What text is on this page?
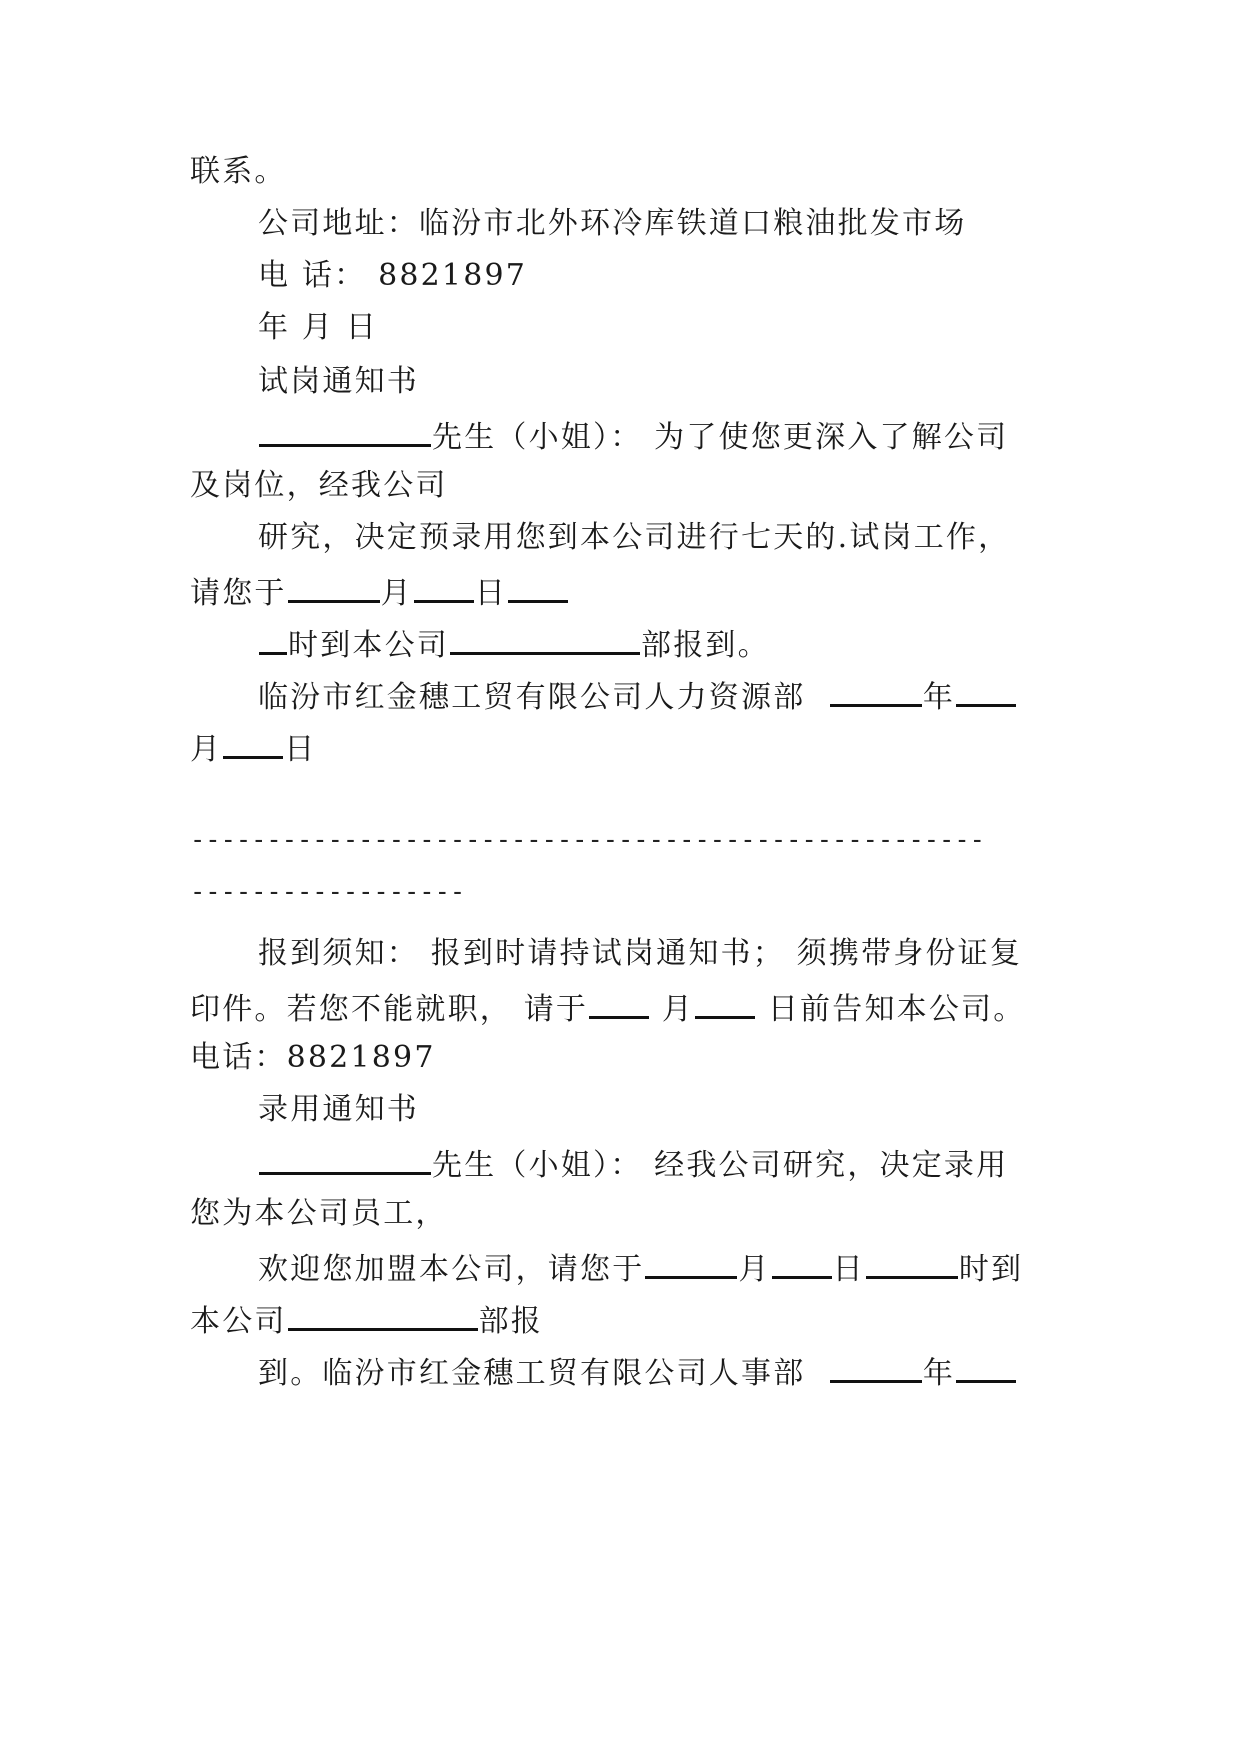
联系。
公司地址：临汾市北外环冷库铁道口粮油批发市场
电 话： 8821897
年 月 日
试岗通知书
先生（小姐）： 为了使您更深入了解公司
及岗位，经我公司
研究，决定预录用您到本公司进行七天的.试岗工作，
请您于	月 日
时到本公司	部报到。
临汾市红金穗工贸有限公司人力资源部	年
月 日
----------------------------------------------------
------------------
报到须知： 报到时请持试岗通知书； 须携带身份证复
印件。若您不能就职， 请于 月 日前告知本公司。
电话：8821897
录用通知书
先生（小姐）： 经我公司研究，决定录用
您为本公司员工，
欢迎您加盟本公司，请您于	月 日	时到
本公司	部报
到。临汾市红金穗工贸有限公司人事部	年
